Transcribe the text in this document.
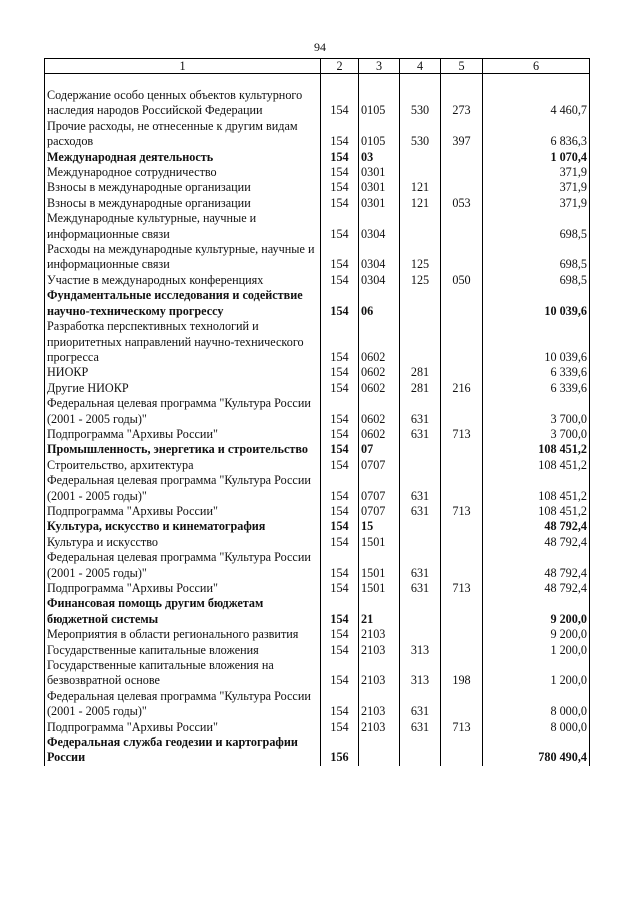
94
1	2	3	4	5	6

Содержание особо ценных объектов культурного наследия народов Российской Федерации	154	0105	530	273	4 460,7
Прочие расходы, не отнесенные к другим видам расходов	154	0105	530	397	6 836,3
Международная деятельность	154	03			1 070,4
Международное сотрудничество	154	0301			371,9
Взносы в международные организации	154	0301	121		371,9
Взносы в международные организации	154	0301	121	053	371,9
Международные культурные, научные и информационные связи	154	0304			698,5
Расходы на международные культурные, научные и информационные связи	154	0304	125		698,5
Участие в международных конференциях	154	0304	125	050	698,5
Фундаментальные исследования и содействие научно-техническому прогрессу	154	06			10 039,6
Разработка перспективных технологий и приоритетных направлений научно-технического прогресса	154	0602			10 039,6
НИОКР	154	0602	281		6 339,6
Другие НИОКР	154	0602	281	216	6 339,6
Федеральная целевая программа "Культура России (2001 - 2005 годы)"	154	0602	631		3 700,0
Подпрограмма "Архивы России"	154	0602	631	713	3 700,0
Промышленность, энергетика и строительство	154	07			108 451,2
Строительство, архитектура	154	0707			108 451,2
Федеральная целевая программа "Культура России (2001 - 2005 годы)"	154	0707	631		108 451,2
Подпрограмма "Архивы России"	154	0707	631	713	108 451,2
Культура, искусство и кинематография	154	15			48 792,4
Культура и искусство	154	1501			48 792,4
Федеральная целевая программа "Культура России (2001 - 2005 годы)"	154	1501	631		48 792,4
Подпрограмма "Архивы России"	154	1501	631	713	48 792,4
Финансовая помощь другим бюджетам бюджетной системы	154	21			9 200,0
Мероприятия в области регионального развития	154	2103			9 200,0
Государственные капитальные вложения	154	2103	313		1 200,0
Государственные капитальные вложения на безвозвратной основе	154	2103	313	198	1 200,0
Федеральная целевая программа "Культура России (2001 - 2005 годы)"	154	2103	631		8 000,0
Подпрограмма "Архивы России"	154	2103	631	713	8 000,0
Федеральная служба геодезии и картографии России	156				780 490,4
